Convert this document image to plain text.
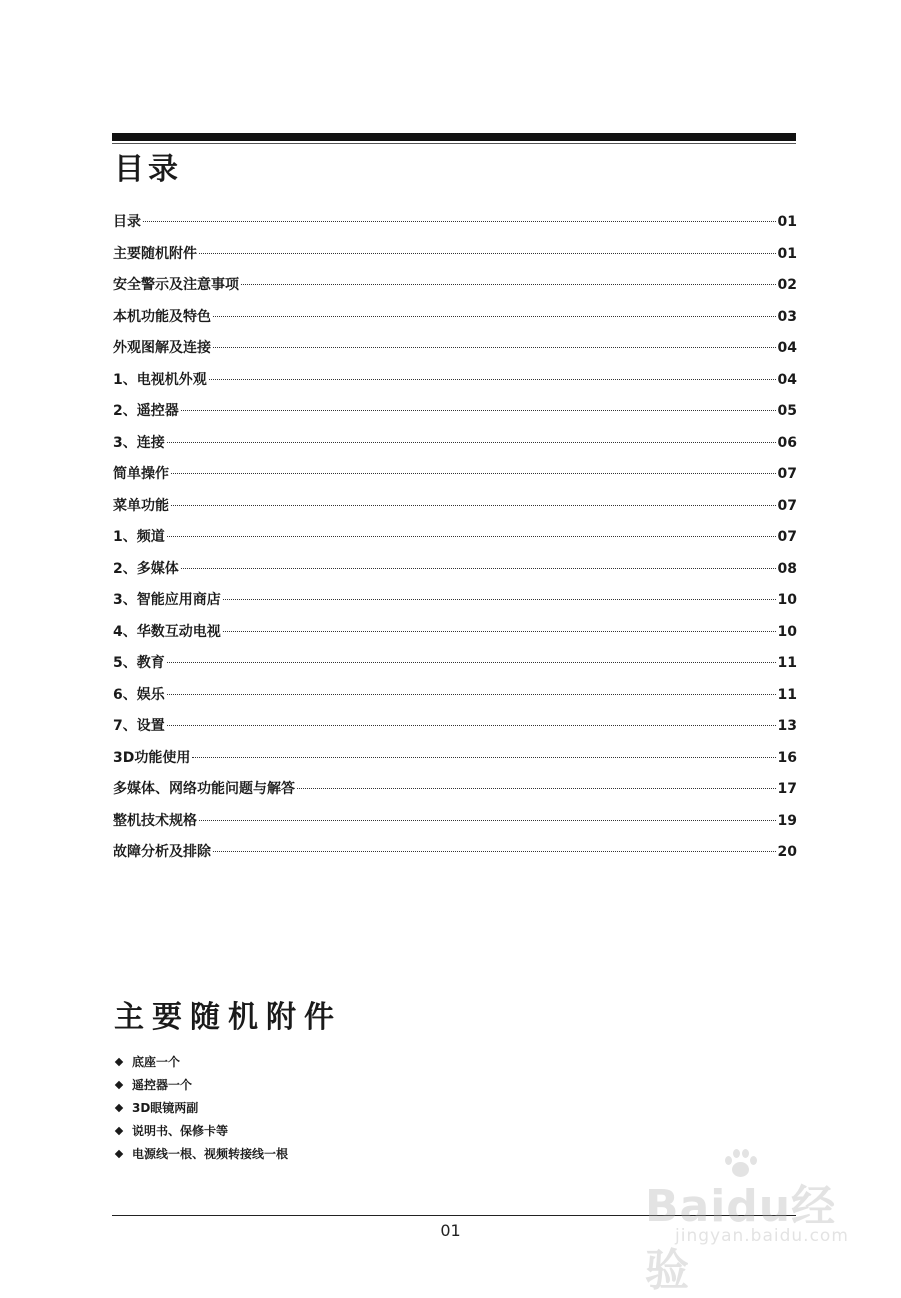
目录
目录	01
主要随机附件	01
安全警示及注意事项	02
本机功能及特色	03
外观图解及连接	04
1、电视机外观	04
2、遥控器	05
3、连接	06
简单操作	07
菜单功能	07
1、频道	07
2、多媒体	08
3、智能应用商店	10
4、华数互动电视	10
5、教育	11
6、娱乐	11
7、设置	13
3D功能使用	16
多媒体、网络功能问题与解答	17
整机技术规格	19
故障分析及排除	20
主要随机附件
底座一个
遥控器一个
3D眼镜两副
说明书、保修卡等
电源线一根、视频转接线一根
01	Baidu经验
jingyan.baidu.com
